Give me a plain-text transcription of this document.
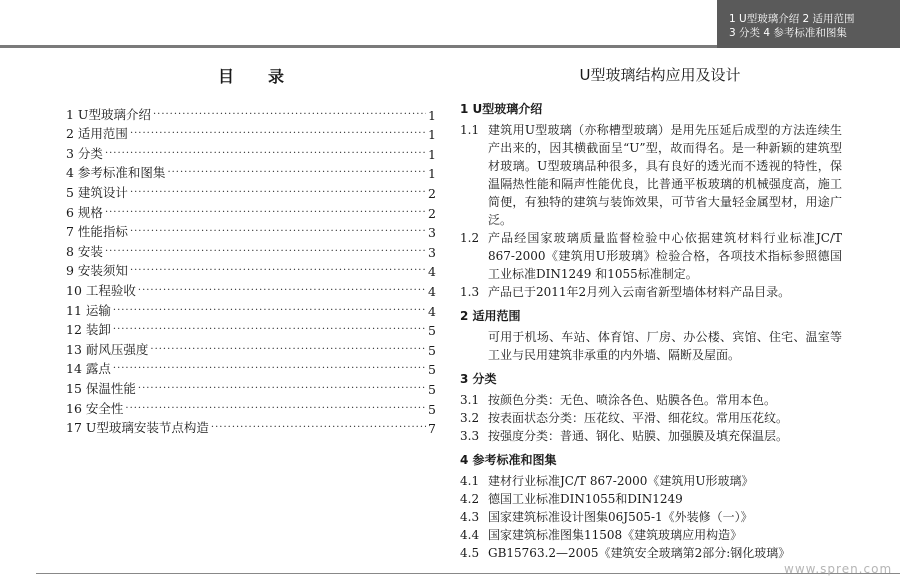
1 U型玻璃介绍 2 适用范围
3 分类 4 参考标准和图集
目录
1 U型玻璃介绍 ·····	1
2 适用范围 ·····	1
3 分类 ·····	1
4 参考标准和图集 ·····	1
5 建筑设计 ·····	2
6 规格 ·····	2
7 性能指标 ·····	3
8 安装 ·····	3
9 安装须知 ·····	4
10 工程验收 ·····	4
11 运输 ·····	4
12 装卸 ·····	5
13 耐风压强度 ·····	5
14 露点 ·····	5
15 保温性能 ·····	5
16 安全性 ·····	5
17 U型玻璃安装节点构造 ·····	7
U型玻璃结构应用及设计
1 U型玻璃介绍
1.1 建筑用U型玻璃（亦称槽型玻璃）是用先压延后成型的方法连续生产出来的，因其横截面呈“U”型，故而得名。是一种新颖的建筑型材玻璃。U型玻璃品种很多，具有良好的透光而不透视的特性，保温隔热性能和隔声性能优良，比普通平板玻璃的机械强度高，施工简便，有独特的建筑与装饰效果，可节省大量轻金属型材，用途广泛。
1.2 产品经国家玻璃质量监督检验中心依据建筑材料行业标准JC/T 867-2000《建筑用U形玻璃》检验合格，各项技术指标参照德国工业标准DIN1249 和1055标准制定。
1.3 产品已于2011年2月列入云南省新型墙体材料产品目录。
2 适用范围
可用于机场、车站、体育馆、厂房、办公楼、宾馆、住宅、温室等工业与民用建筑非承重的内外墙、隔断及屋面。
3 分类
3.1 按颜色分类：无色、喷涂各色、贴膜各色。常用本色。
3.2 按表面状态分类：压花纹、平滑、细花纹。常用压花纹。
3.3 按强度分类：普通、钢化、贴膜、加强膜及填充保温层。
4 参考标准和图集
4.1 建材行业标准JC/T 867-2000《建筑用U形玻璃》
4.2 德国工业标准DIN1055和DIN1249
4.3 国家建筑标准设计图集06J505-1《外装修（一）》
4.4 国家建筑标准图集11508《建筑玻璃应用构造》
4.5 GB15763.2—2005《建筑安全玻璃第2部分:钢化玻璃》
www.spren.com
